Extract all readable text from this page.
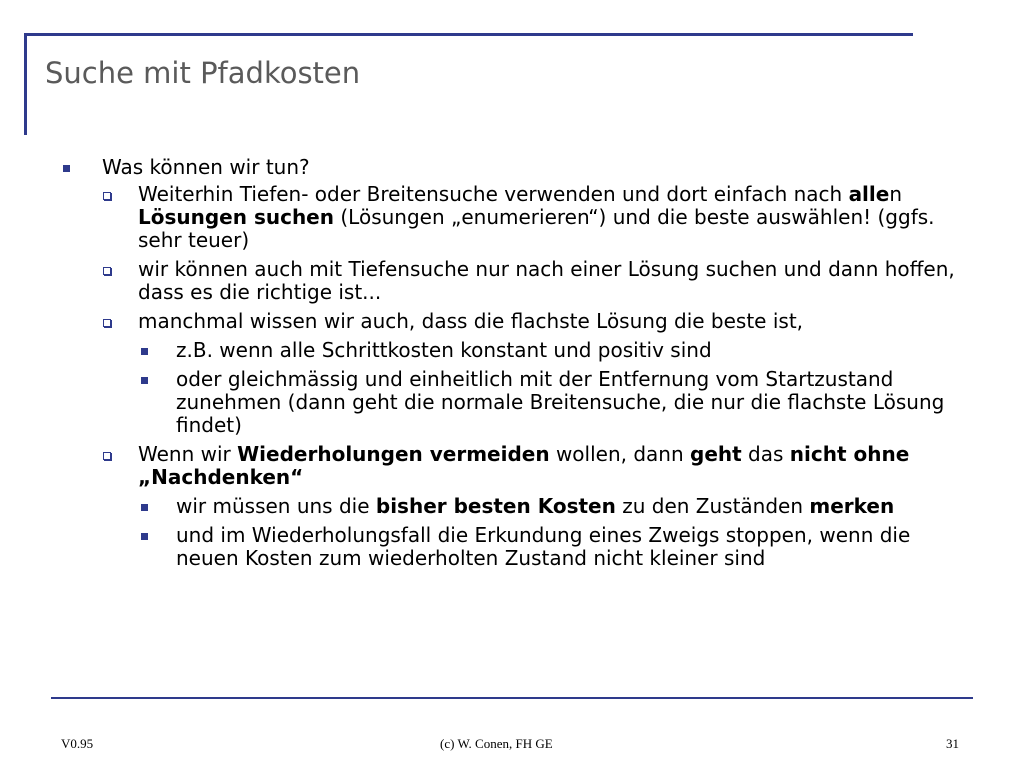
Suche mit Pfadkosten
Was können wir tun?
Weiterhin Tiefen- oder Breitensuche verwenden und dort einfach nach allen Lösungen suchen (Lösungen „enumerieren“) und die beste auswählen! (ggfs. sehr teuer)
wir können auch mit Tiefensuche nur nach einer Lösung suchen und dann hoffen, dass es die richtige ist...
manchmal wissen wir auch, dass die flachste Lösung die beste ist,
z.B. wenn alle Schrittkosten konstant und positiv sind
oder gleichmässig und einheitlich mit der Entfernung vom Startzustand zunehmen (dann geht die normale Breitensuche, die nur die flachste Lösung findet)
Wenn wir Wiederholungen vermeiden wollen, dann geht das nicht ohne „Nachdenken“
wir müssen uns die bisher besten Kosten zu den Zuständen merken
und im Wiederholungsfall die Erkundung eines Zweigs stoppen, wenn die neuen Kosten zum wiederholten Zustand nicht kleiner sind
V0.95	(c) W. Conen, FH GE	31
